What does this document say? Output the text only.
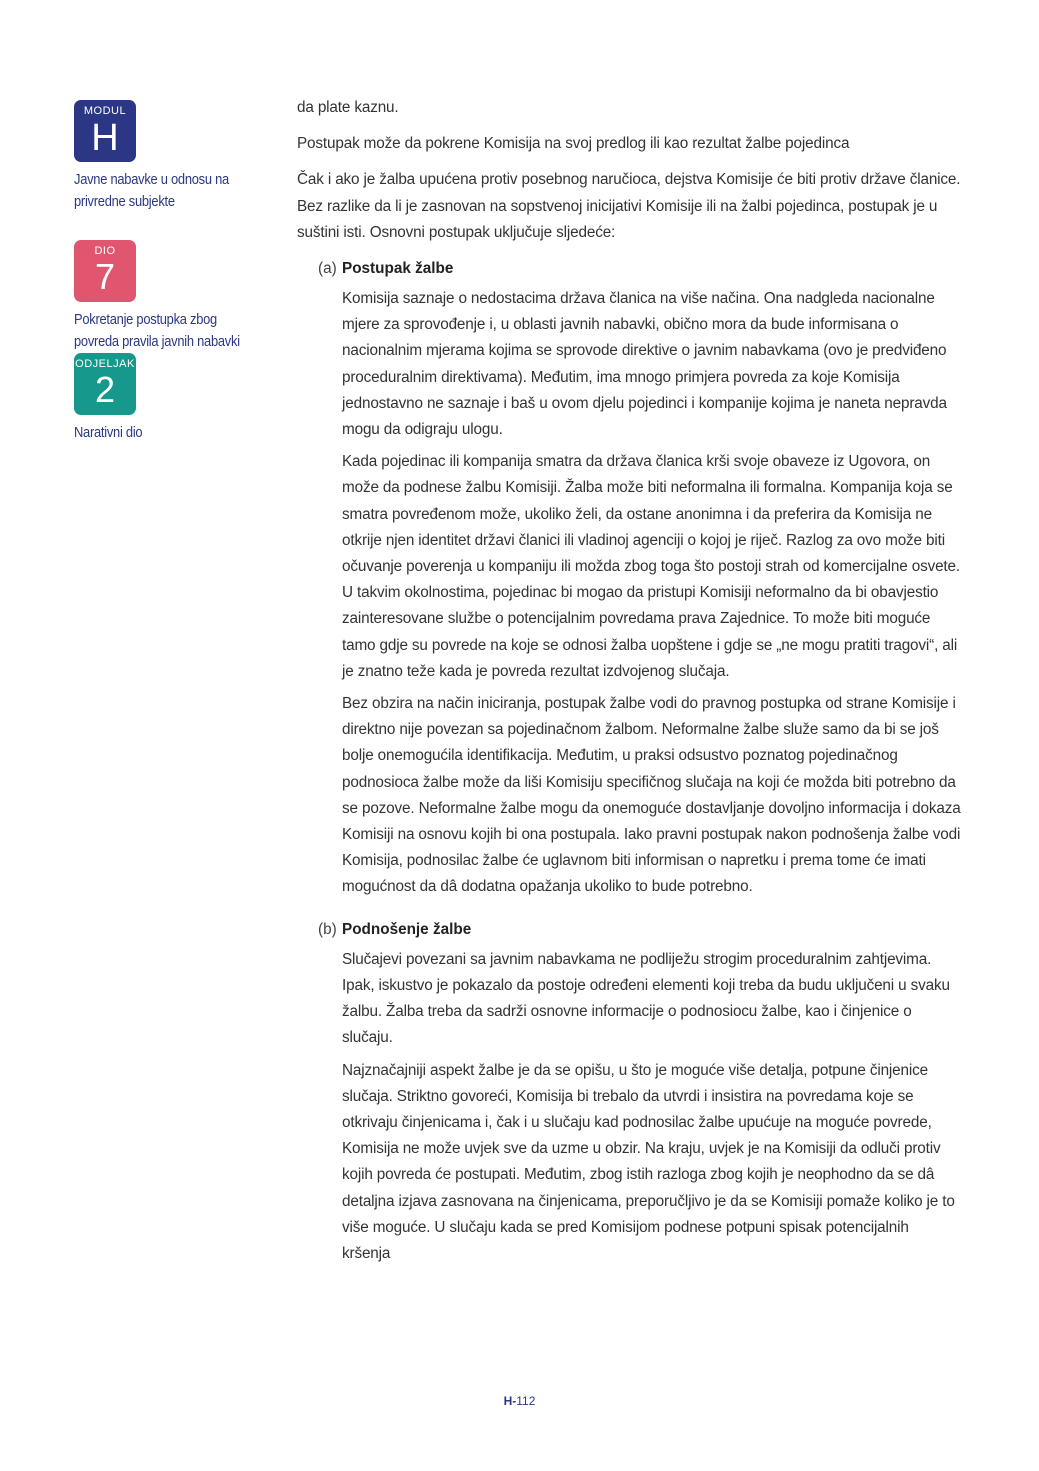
MODUL
H
Javne nabavke u odnosu na privredne subjekte
DIO
7
Pokretanje postupka zbog povreda pravila javnih nabavki
ODJELJAK
2
Narativni dio

da plate kaznu.

Postupak može da pokrene Komisija na svoj predlog ili kao rezultat žalbe pojedinca

Čak i ako je žalba upućena protiv posebnog naručioca, dejstva Komisije će biti protiv države članice. Bez razlike da li je zasnovan na sopstvenoj inicijativi Komisije ili na žalbi pojedinca, postupak je u suštini isti. Osnovni postupak uključuje sljedeće:

(a) Postupak žalbe

Komisija saznaje o nedostacima država članica na više načina. Ona nadgleda nacionalne mjere za sprovođenje i, u oblasti javnih nabavki, obično mora da bude informisana o nacionalnim mjerama kojima se sprovode direktive o javnim nabavkama (ovo je predviđeno proceduralnim direktivama). Međutim, ima mnogo primjera povreda za koje Komisija jednostavno ne saznaje i baš u ovom djelu pojedinci i kompanije kojima je naneta nepravda mogu da odigraju ulogu.

Kada pojedinac ili kompanija smatra da država članica krši svoje obaveze iz Ugovora, on može da podnese žalbu Komisiji. Žalba može biti neformalna ili formalna. Kompanija koja se smatra povređenom može, ukoliko želi, da ostane anonimna i da preferira da Komisija ne otkrije njen identitet državi članici ili vladinoj agenciji o kojoj je riječ. Razlog za ovo može biti očuvanje poverenja u kompaniju ili možda zbog toga što postoji strah od komercijalne osvete. U takvim okolnostima, pojedinac bi mogao da pristupi Komisiji neformalno da bi obavjestio zainteresovane službe o potencijalnim povredama prava Zajednice. To može biti moguće tamo gdje su povrede na koje se odnosi žalba uopštene i gdje se „ne mogu pratiti tragovi“, ali je znatno teže kada je povreda rezultat izdvojenog slučaja.

Bez obzira na način iniciranja, postupak žalbe vodi do pravnog postupka od strane Komisije i direktno nije povezan sa pojedinačnom žalbom. Neformalne žalbe služe samo da bi se još bolje onemogućila identifikacija. Međutim, u praksi odsustvo poznatog pojedinačnog podnosioca žalbe može da liši Komisiju specifičnog slučaja na koji će možda biti potrebno da se pozove. Neformalne žalbe mogu da onemoguće dostavljanje dovoljno informacija i dokaza Komisiji na osnovu kojih bi ona postupala. Iako pravni postupak nakon podnošenja žalbe vodi Komisija, podnosilac žalbe će uglavnom biti informisan o napretku i prema tome će imati mogućnost da dâ dodatna opažanja ukoliko to bude potrebno.

(b) Podnošenje žalbe

Slučajevi povezani sa javnim nabavkama ne podliježu strogim proceduralnim zahtjevima. Ipak, iskustvo je pokazalo da postoje određeni elementi koji treba da budu uključeni u svaku žalbu. Žalba treba da sadrži osnovne informacije o podnosiocu žalbe, kao i činjenice o slučaju.

Najznačajniji aspekt žalbe je da se opišu, u što je moguće više detalja, potpune činjenice slučaja. Striktno govoreći, Komisija bi trebalo da utvrdi i insistira na povredama koje se otkrivaju činjenicama i, čak i u slučaju kad podnosilac žalbe upućuje na moguće povrede, Komisija ne može uvjek sve da uzme u obzir. Na kraju, uvjek je na Komisiji da odluči protiv kojih povreda će postupati. Međutim, zbog istih razloga zbog kojih je neophodno da se dâ detaljna izjava zasnovana na činjenicama, preporučljivo je da se Komisiji pomaže koliko je to više moguće. U slučaju kada se pred Komisijom podnese potpuni spisak potencijalnih kršenja

H-112
